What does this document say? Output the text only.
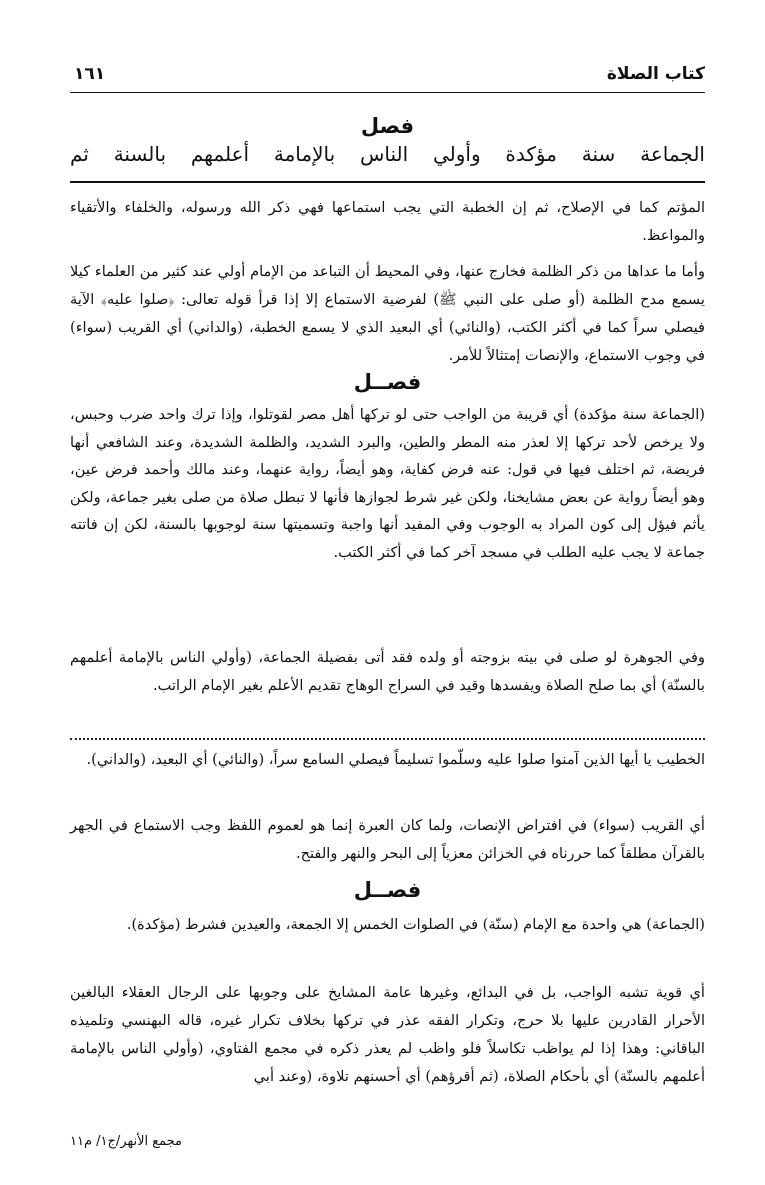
كتاب الصلاة
١٦١
فصل
الجماعة سنة مؤكدة وأولي الناس بالإمامة أعلمهم بالسنة ثم

المؤتم كما في الإصلاح، ثم إن الخطبة التي يجب استماعها فهي ذكر الله ورسوله، والخلفاء والأتقياء والمواعظ.

وأما ما عداها من ذكر الظلمة فخارج عنها، وفي المحيط أن التباعد من الإمام أولي عند كثير من العلماء كيلا يسمع مدح الظلمة (أو صلى على النبي ﷺ) لفرضية الاستماع إلا إذا قرأ قوله تعالى: ﴿صلوا عليه﴾ الآية فيصلي سراً كما في أكثر الكتب، (والنائي) أي البعيد الذي لا يسمع الخطبة، (والداني) أي القريب (سواء) في وجوب الاستماع، والإنصات إمتثالاً للأمر.

فصــل

(الجماعة سنة مؤكدة) أي قريبة من الواجب حتى لو تركها أهل مصر لقوتلوا، وإذا ترك واحد ضرب وحبس، ولا يرخص لأحد تركها إلا لعذر منه المطر والطين، والبرد الشديد، والظلمة الشديدة، وعند الشافعي أنها فريضة، ثم اختلف فيها في قول: عنه فرض كفاية، وهو أيضاً، رواية عنهما، وعند مالك وأحمد فرض عين، وهو أيضاً رواية عن بعض مشايخنا، ولكن غير شرط لجوازها فأنها لا تبطل صلاة من صلى بغير جماعة، ولكن يأثم فيؤل إلى كون المراد به الوجوب وفي المفيد أنها واجبة وتسميتها سنة لوجوبها بالسنة، لكن إن فاتته جماعة لا يجب عليه الطلب في مسجد آخر كما في أكثر الكتب.

وفي الجوهرة لو صلى في بيته بزوجته أو ولده فقد أتى بفضيلة الجماعة، (وأولي الناس بالإمامة أعلمهم بالسنّة) أي بما صلح الصلاة ويفسدها وقيد في السراج الوهاج تقديم الأعلم بغير الإمام الراتب.

الخطيب يا أيها الذين آمنوا صلوا عليه وسلّموا تسليماً فيصلي السامع سراً، (والنائي) أي البعيد، (والداني).

أي القريب (سواء) في افتراض الإنصات، ولما كان العبرة إنما هو لعموم اللفظ وجب الاستماع في الجهر بالقرآن مطلقاً كما حررناه في الخزائن معزياً إلى البحر والنهر والفتح.

فصــل

(الجماعة) هي واحدة مع الإمام (سنّة) في الصلوات الخمس إلا الجمعة، والعيدين فشرط (مؤكدة).

أي قوية تشبه الواجب، بل في البدائع، وغيرها عامة المشايخ على وجوبها على الرجال العقلاء البالغين الأحرار القادرين عليها بلا حرج، وتكرار الفقه عذر في تركها بخلاف تكرار غيره، قاله البهنسي وتلميذه الباقاني: وهذا إذا لم يواظب تكاسلاً فلو واظب لم يعذر ذكره في مجمع الفتاوي، (وأولي الناس بالإمامة أعلمهم بالسنّة) أي بأحكام الصلاة، (ثم أقرؤهم) أي أحسنهم تلاوة، (وعند أبي

مجمع الأنهر/ج١/ م١١
